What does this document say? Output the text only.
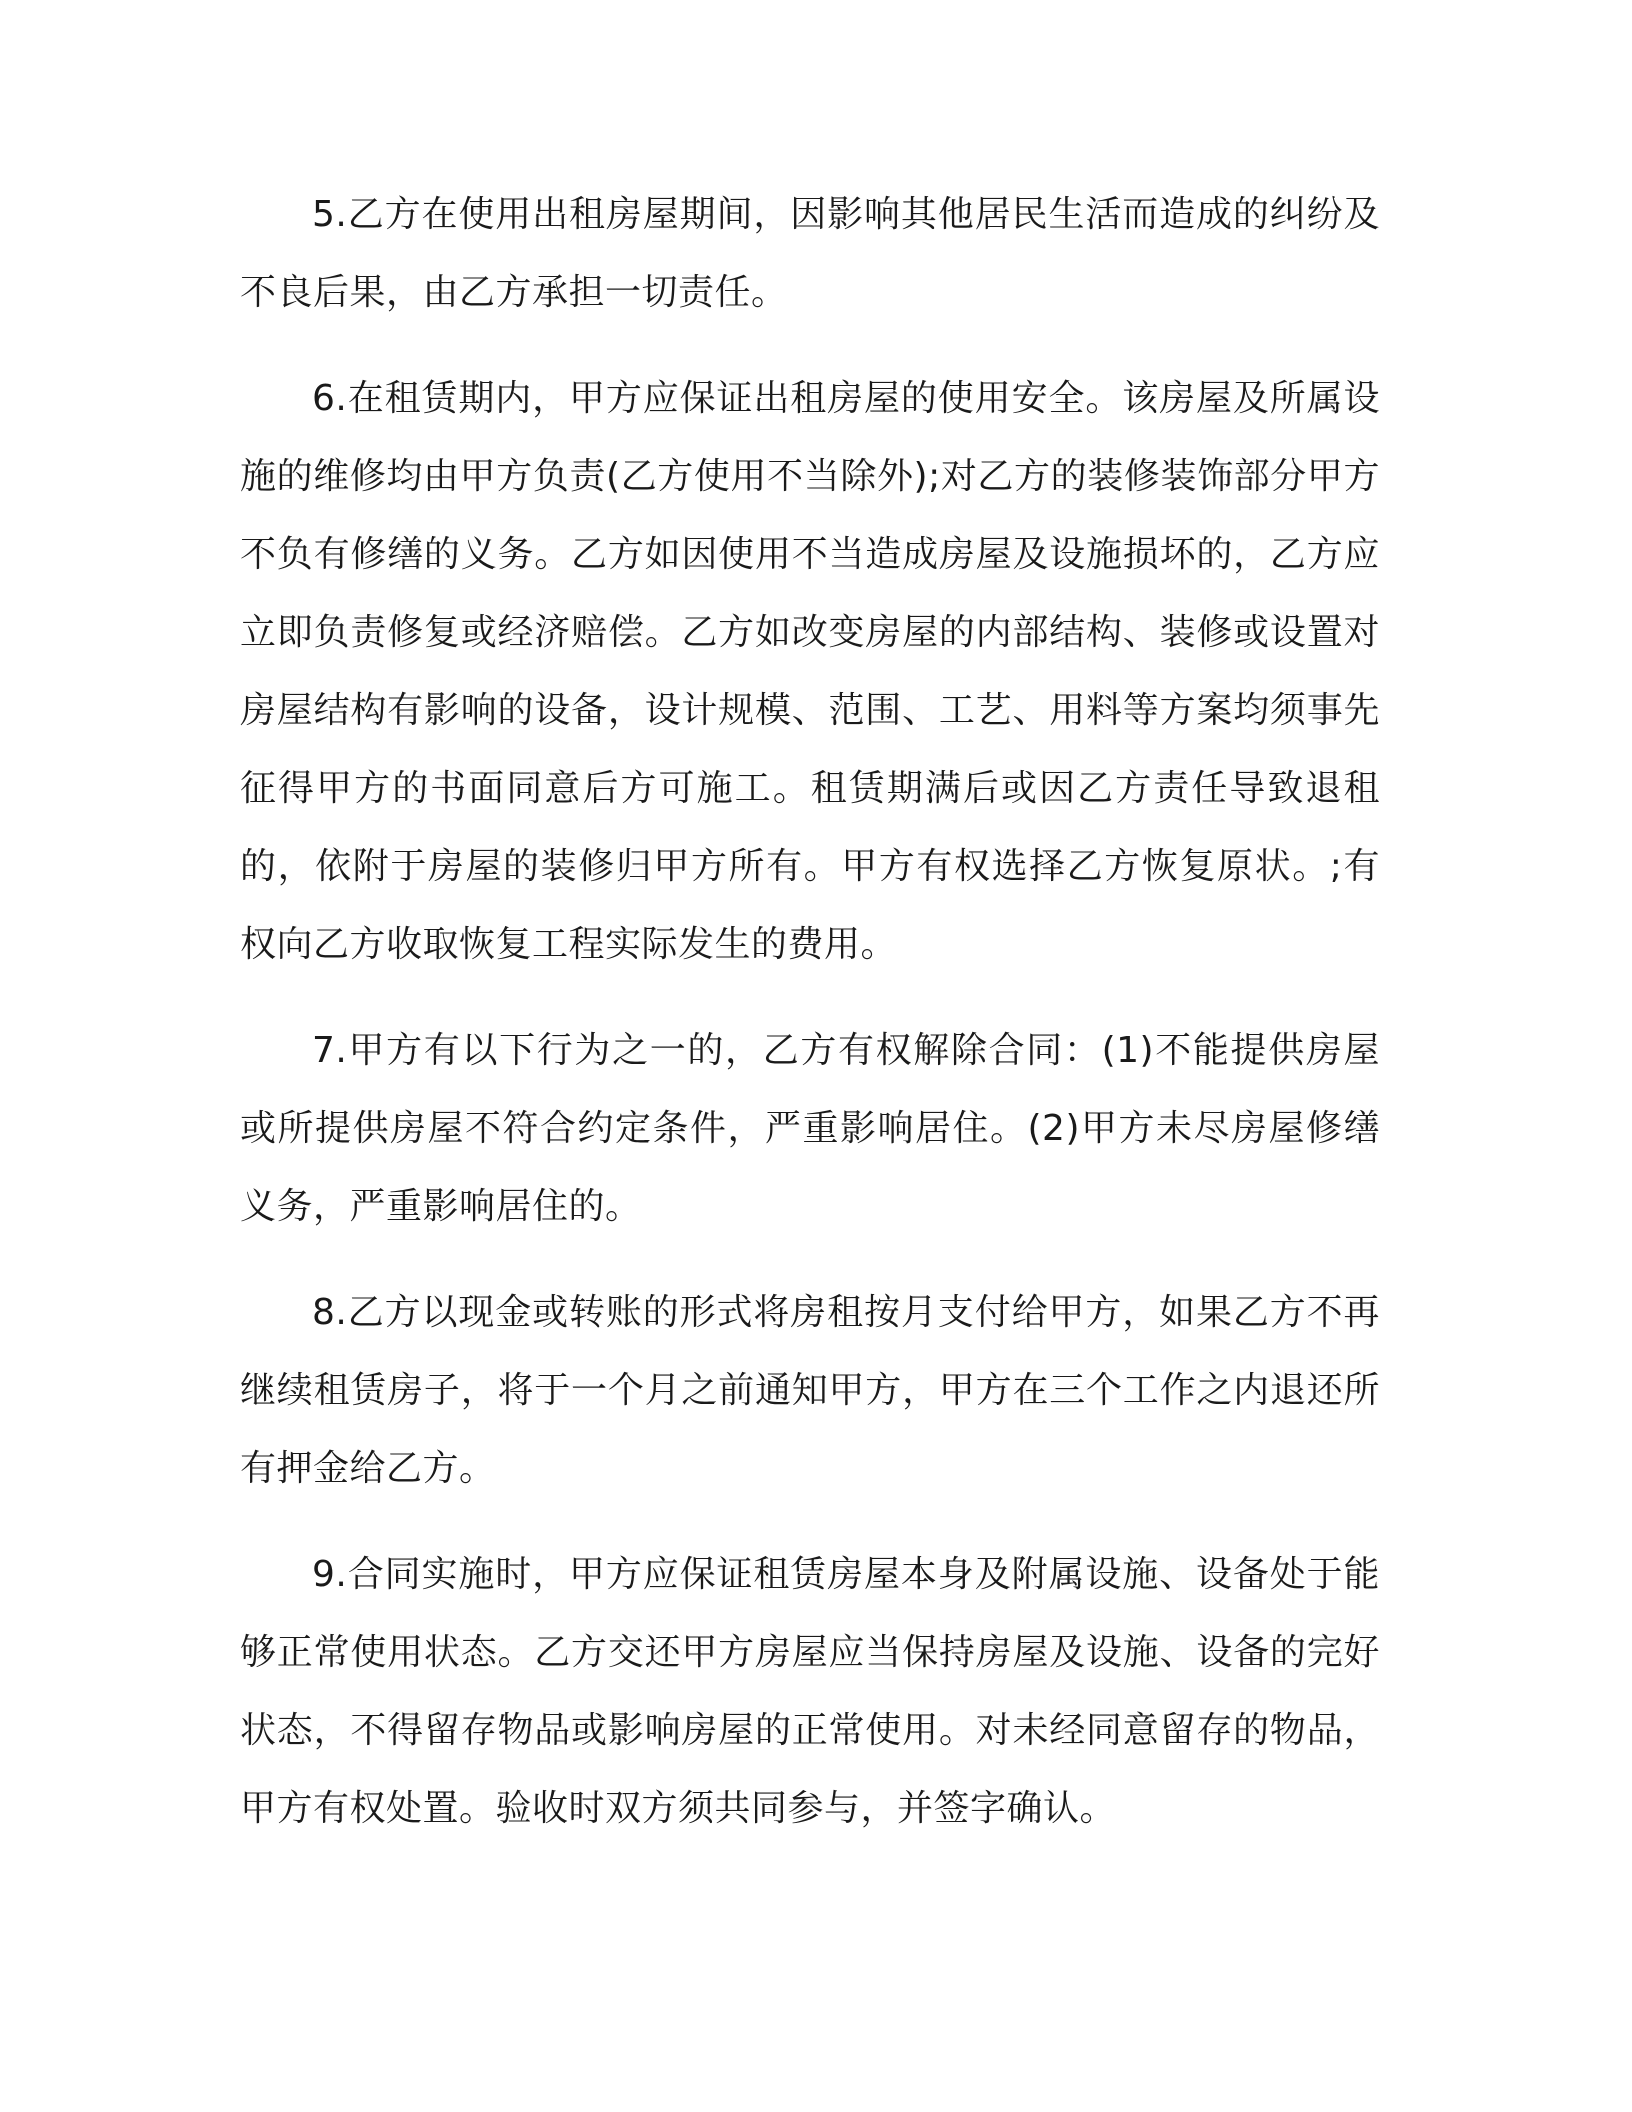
5.乙方在使用出租房屋期间，因影响其他居民生活而造成的纠纷及不良后果，由乙方承担一切责任。

6.在租赁期内，甲方应保证出租房屋的使用安全。该房屋及所属设施的维修均由甲方负责(乙方使用不当除外);对乙方的装修装饰部分甲方不负有修缮的义务。乙方如因使用不当造成房屋及设施损坏的，乙方应立即负责修复或经济赔偿。乙方如改变房屋的内部结构、装修或设置对房屋结构有影响的设备，设计规模、范围、工艺、用料等方案均须事先征得甲方的书面同意后方可施工。租赁期满后或因乙方责任导致退租的，依附于房屋的装修归甲方所有。甲方有权选择乙方恢复原状。;有权向乙方收取恢复工程实际发生的费用。

7.甲方有以下行为之一的，乙方有权解除合同：(1)不能提供房屋或所提供房屋不符合约定条件，严重影响居住。(2)甲方未尽房屋修缮义务，严重影响居住的。

8.乙方以现金或转账的形式将房租按月支付给甲方，如果乙方不再继续租赁房子，将于一个月之前通知甲方，甲方在三个工作之内退还所有押金给乙方。

9.合同实施时，甲方应保证租赁房屋本身及附属设施、设备处于能够正常使用状态。乙方交还甲方房屋应当保持房屋及设施、设备的完好状态，不得留存物品或影响房屋的正常使用。对未经同意留存的物品，甲方有权处置。验收时双方须共同参与，并签字确认。
